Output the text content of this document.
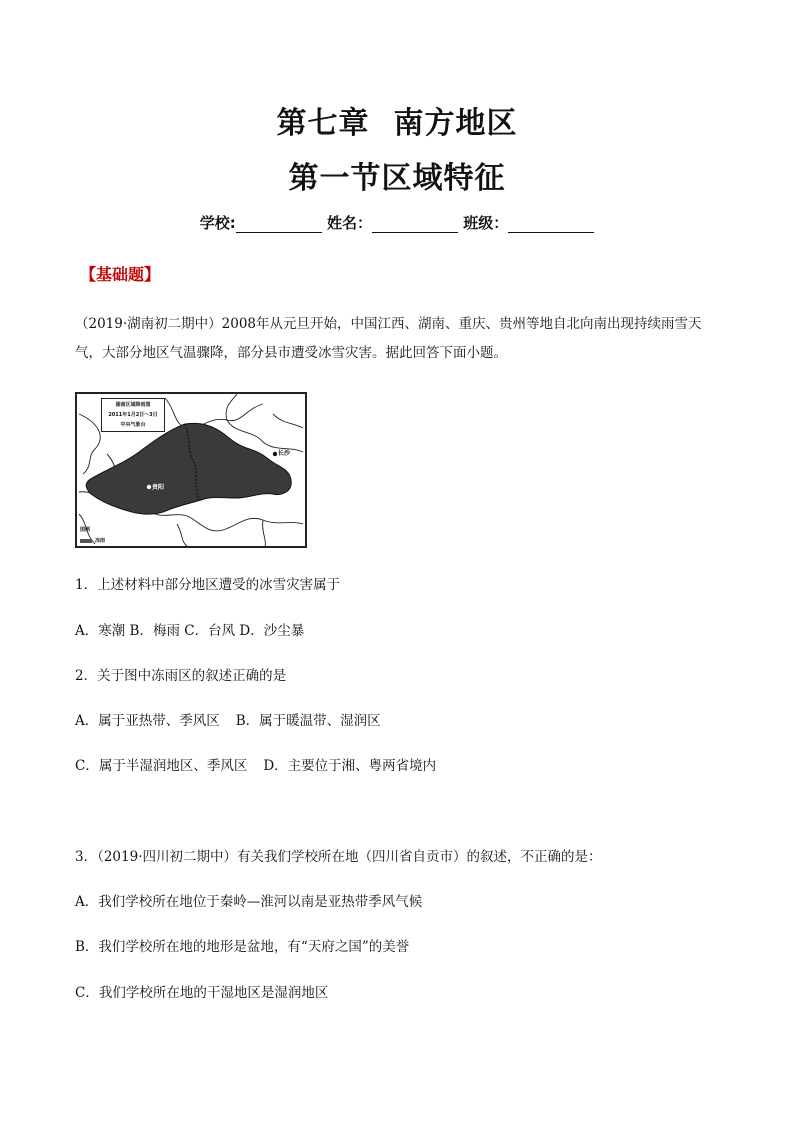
第七章 南方地区
第一节区域特征
学校:	姓名：	班级：
【基础题】

（2019·湖南初二期中）2008年从元旦开始，中国江西、湖南、重庆、贵州等地自北向南出现持续雨雪天气，大部分地区气温骤降，部分县市遭受冰雪灾害。据此回答下面小题。

湖南区域降雨图
2011年1月2日～3日
中央气象台
贵阳
长沙
图例
冻雨

1．上述材料中部分地区遭受的冰雪灾害属于

A．寒潮 B．梅雨 C．台风 D．沙尘暴

2．关于图中冻雨区的叙述正确的是

A．属于亚热带、季风区 B．属于暖温带、湿润区

C．属于半湿润地区、季风区 D．主要位于湘、粤两省境内

3．（2019·四川初二期中）有关我们学校所在地（四川省自贡市）的叙述，不正确的是：

A．我们学校所在地位于秦岭—淮河以南是亚热带季风气候

B．我们学校所在地的地形是盆地，有“天府之国”的美誉

C．我们学校所在地的干湿地区是湿润地区
